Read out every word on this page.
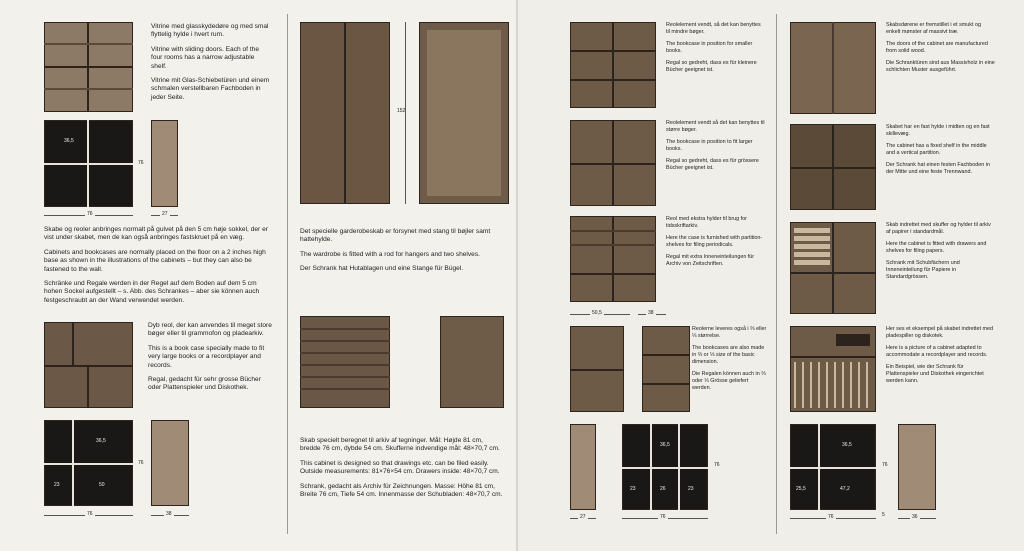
Vitrine med glasskydedøre og med smal flyttelig hylde i hvert rum.

Vitrine with sliding doors. Each of the four rooms has a narrow adjustable shelf.

Vitrine mit Glas-Schiebetüren und einem schmalen verstellbaren Fachboden in jeder Seite.

36,5
76
76	27

Skabe og reoler anbringes normalt på gulvet på den 5 cm høje sokkel, der er vist under skabet, men de kan også anbringes fastskruet på en væg.

Cabinets and bookcases are normally placed on the floor on a 2 inches high base as shown in the illustrations of the cabinets – but they can also be fastened to the wall.

Schränke und Regale werden in der Regel auf dem Boden auf dem 5 cm hohen Sockel aufgestellt – s. Abb. des Schrankes – aber sie können auch festgeschraubt an der Wand verwendet werden.

Dyb reol, der kan anvendes til meget store bøger eller til grammofon og pladearkiv.

This is a book case specially made to fit very large books or a recordplayer and records.

Regal, gedacht für sehr grosse Bücher oder Plattenspieler und Diskothek.

36,5
23	50
76
76	38
152

Det specielle garderobeskab er forsynet med stang til bøjler samt hattehylde.

The wardrobe is fitted with a rod for hangers and two shelves.

Der Schrank hat Hutablagen und eine Stange für Bügel.

Skab specielt beregnet til arkiv af tegninger. Mål: Højde 81 cm, bredde 76 cm, dybde 54 cm. Skufferne indvendige mål: 48×70,7 cm.

This cabinet is designed so that drawings etc. can be filed easily. Outside measurements: 81×76×54 cm. Drawers inside: 48×70,7 cm.

Schrank, gedacht als Archiv für Zeichnungen. Masse: Höhe 81 cm, Breite 76 cm, Tiefe 54 cm. Innenmasse der Schubladen: 48×70,7 cm.

Reolelement vendt, så det kan benyttes til mindre bøger.

The bookcase in position for smaller books.

Regal so gedreht, dass es für kleinere Bücher geeignet ist.

Reolelement vendt så det kan benyttes til større bøger.

The bookcase in position to fit larger books.

Regal so gedreht, dass es für grössere Bücher geeignet ist.

Reol med ekstra hylder til brug for tidsskriftarkiv.

Here the case is furnished with partition-shelves for filing periodicals.

Regal mit extra Inneneinteilungen für Archiv von Zeitschriften.

50,5	38

Reolerne leveres også i ⅔ eller ⅓ størrelse.

The bookcases are also made in ⅔ or ⅓ size of the basic dimension.

Die Regalen können auch in ⅔ oder ⅓ Grösse geliefert werden.

36,5
23	26	23
76
27	76

Skabsdørene er fremstillet i et smukt og enkelt mønster af massivt træ.

The doors of the cabinet are manufactured from solid wood.

Die Schranktüren sind aus Massivholz in eine schlichten Muster ausgeführt.

Skabet har en fast hylde i midten og en fast skillevæg.

The cabinet has a fixed shelf in the middle and a vertical partition.

Der Schrank hat einen festen Fachboden in der Mitte und eine feste Trennwand.

Skab indrettet med skuffer og hylder til arkiv af papirer i standardmål.

Here the cabinet is fitted with drawers and shelves for filing papers.

Schrank mit Schubfächern und Inneneinteilung für Papiere in Standardgrössen.

Her ses et eksempel på skabet indrettet med pladespiller og diskotek.

Here is a picture of a cabinet adapted to accommodate a recordplayer and records.

Ein Beispiel, wie der Schrank für Plattenspieler und Diskothek eingerichtet werden kann.

36,5
25,5	47,2
76
5
76	36
